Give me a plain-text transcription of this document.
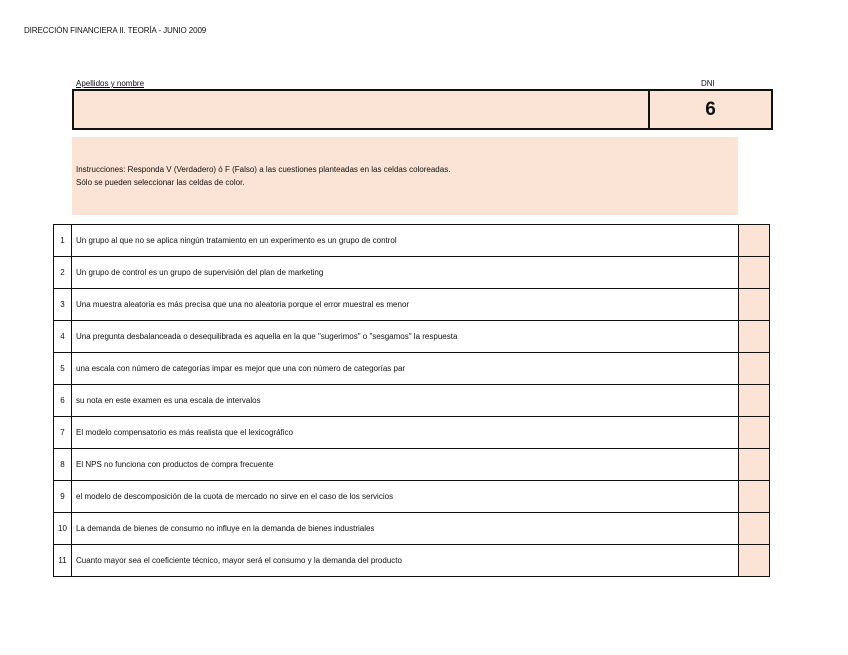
DIRECCIÓN FINANCIERA II. TEORÍA - JUNIO 2009
Apellidos y nombre	DNI
6
Instrucciones: Responda V (Verdadero) ó F (Falso) a las cuestiones planteadas en las celdas coloreadas.
Sólo se pueden seleccionar las celdas de color.
1	Un grupo al que no se aplica ningún tratamiento en un experimento es un grupo de control	
2	Un grupo de control es un grupo de supervisión del plan de marketing	
3	Una muestra aleatoria es más precisa que una no aleatoria porque el error muestral es menor	
4	Una pregunta desbalanceada o desequilibrada es aquella en la que "sugerimos" o "sesgamos" la respuesta	
5	una escala con número de categorías impar es mejor que una con número de categorías par	
6	su nota en este examen es una escala de intervalos	
7	El modelo compensatorio es más realista que el lexicográfico	
8	El NPS no funciona con productos de compra frecuente	
9	el modelo de descomposición de la cuota de mercado no sirve en el caso de los servicios	
10	La demanda de bienes de consumo no influye en la demanda de bienes industriales	
11	Cuanto mayor sea el coeficiente técnico, mayor será el consumo y la demanda del producto	
